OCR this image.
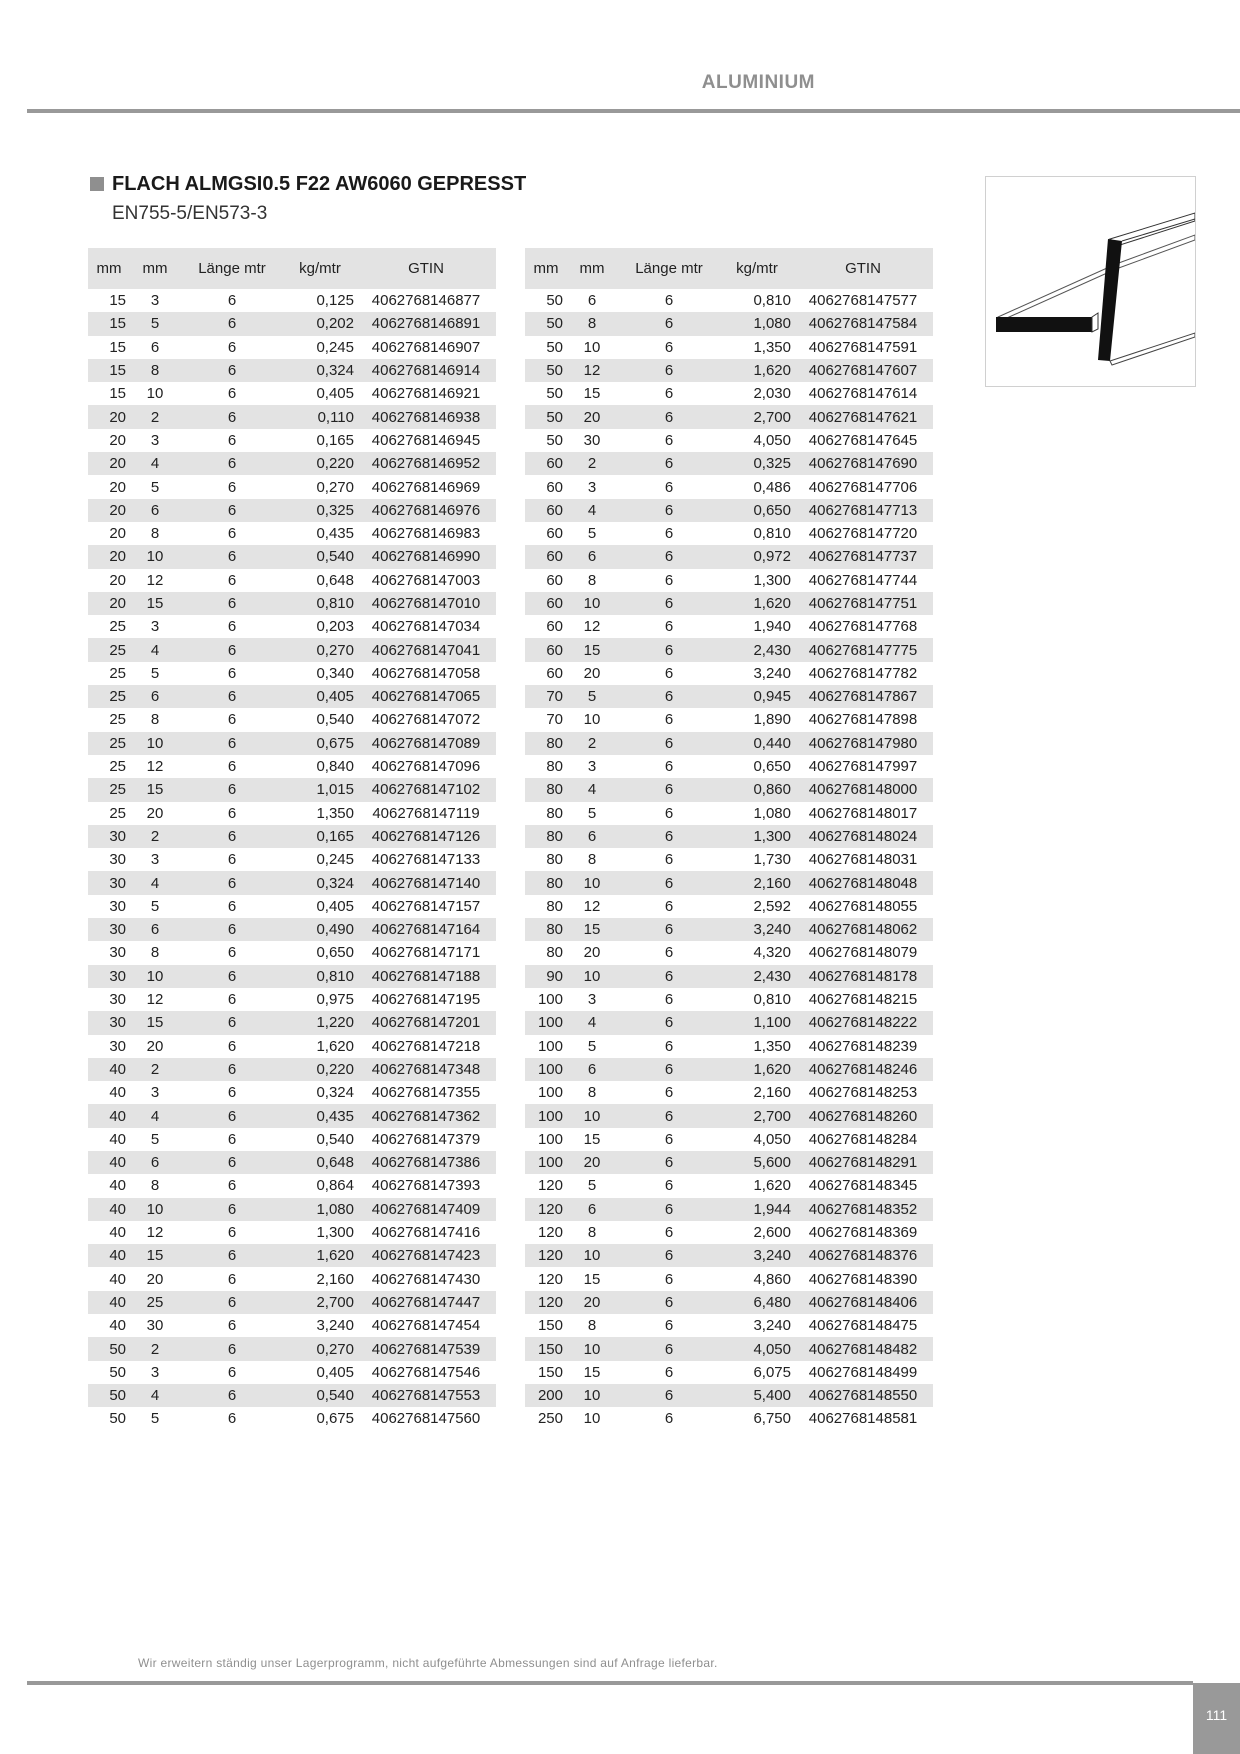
ALUMINIUM
FLACH ALMGSI0.5 F22 AW6060 GEPRESST
EN755-5/EN573-3
mm	mm	Länge mtr	kg/mtr	GTIN
15	3	6	0,125	4062768146877
15	5	6	0,202	4062768146891
15	6	6	0,245	4062768146907
15	8	6	0,324	4062768146914
15	10	6	0,405	4062768146921
20	2	6	0,110	4062768146938
20	3	6	0,165	4062768146945
20	4	6	0,220	4062768146952
20	5	6	0,270	4062768146969
20	6	6	0,325	4062768146976
20	8	6	0,435	4062768146983
20	10	6	0,540	4062768146990
20	12	6	0,648	4062768147003
20	15	6	0,810	4062768147010
25	3	6	0,203	4062768147034
25	4	6	0,270	4062768147041
25	5	6	0,340	4062768147058
25	6	6	0,405	4062768147065
25	8	6	0,540	4062768147072
25	10	6	0,675	4062768147089
25	12	6	0,840	4062768147096
25	15	6	1,015	4062768147102
25	20	6	1,350	4062768147119
30	2	6	0,165	4062768147126
30	3	6	0,245	4062768147133
30	4	6	0,324	4062768147140
30	5	6	0,405	4062768147157
30	6	6	0,490	4062768147164
30	8	6	0,650	4062768147171
30	10	6	0,810	4062768147188
30	12	6	0,975	4062768147195
30	15	6	1,220	4062768147201
30	20	6	1,620	4062768147218
40	2	6	0,220	4062768147348
40	3	6	0,324	4062768147355
40	4	6	0,435	4062768147362
40	5	6	0,540	4062768147379
40	6	6	0,648	4062768147386
40	8	6	0,864	4062768147393
40	10	6	1,080	4062768147409
40	12	6	1,300	4062768147416
40	15	6	1,620	4062768147423
40	20	6	2,160	4062768147430
40	25	6	2,700	4062768147447
40	30	6	3,240	4062768147454
50	2	6	0,270	4062768147539
50	3	6	0,405	4062768147546
50	4	6	0,540	4062768147553
50	5	6	0,675	4062768147560
mm	mm	Länge mtr	kg/mtr	GTIN
50	6	6	0,810	4062768147577
50	8	6	1,080	4062768147584
50	10	6	1,350	4062768147591
50	12	6	1,620	4062768147607
50	15	6	2,030	4062768147614
50	20	6	2,700	4062768147621
50	30	6	4,050	4062768147645
60	2	6	0,325	4062768147690
60	3	6	0,486	4062768147706
60	4	6	0,650	4062768147713
60	5	6	0,810	4062768147720
60	6	6	0,972	4062768147737
60	8	6	1,300	4062768147744
60	10	6	1,620	4062768147751
60	12	6	1,940	4062768147768
60	15	6	2,430	4062768147775
60	20	6	3,240	4062768147782
70	5	6	0,945	4062768147867
70	10	6	1,890	4062768147898
80	2	6	0,440	4062768147980
80	3	6	0,650	4062768147997
80	4	6	0,860	4062768148000
80	5	6	1,080	4062768148017
80	6	6	1,300	4062768148024
80	8	6	1,730	4062768148031
80	10	6	2,160	4062768148048
80	12	6	2,592	4062768148055
80	15	6	3,240	4062768148062
80	20	6	4,320	4062768148079
90	10	6	2,430	4062768148178
100	3	6	0,810	4062768148215
100	4	6	1,100	4062768148222
100	5	6	1,350	4062768148239
100	6	6	1,620	4062768148246
100	8	6	2,160	4062768148253
100	10	6	2,700	4062768148260
100	15	6	4,050	4062768148284
100	20	6	5,600	4062768148291
120	5	6	1,620	4062768148345
120	6	6	1,944	4062768148352
120	8	6	2,600	4062768148369
120	10	6	3,240	4062768148376
120	15	6	4,860	4062768148390
120	20	6	6,480	4062768148406
150	8	6	3,240	4062768148475
150	10	6	4,050	4062768148482
150	15	6	6,075	4062768148499
200	10	6	5,400	4062768148550
250	10	6	6,750	4062768148581

Wir erweitern ständig unser Lagerprogramm, nicht aufgeführte Abmessungen sind auf Anfrage lieferbar.

111
